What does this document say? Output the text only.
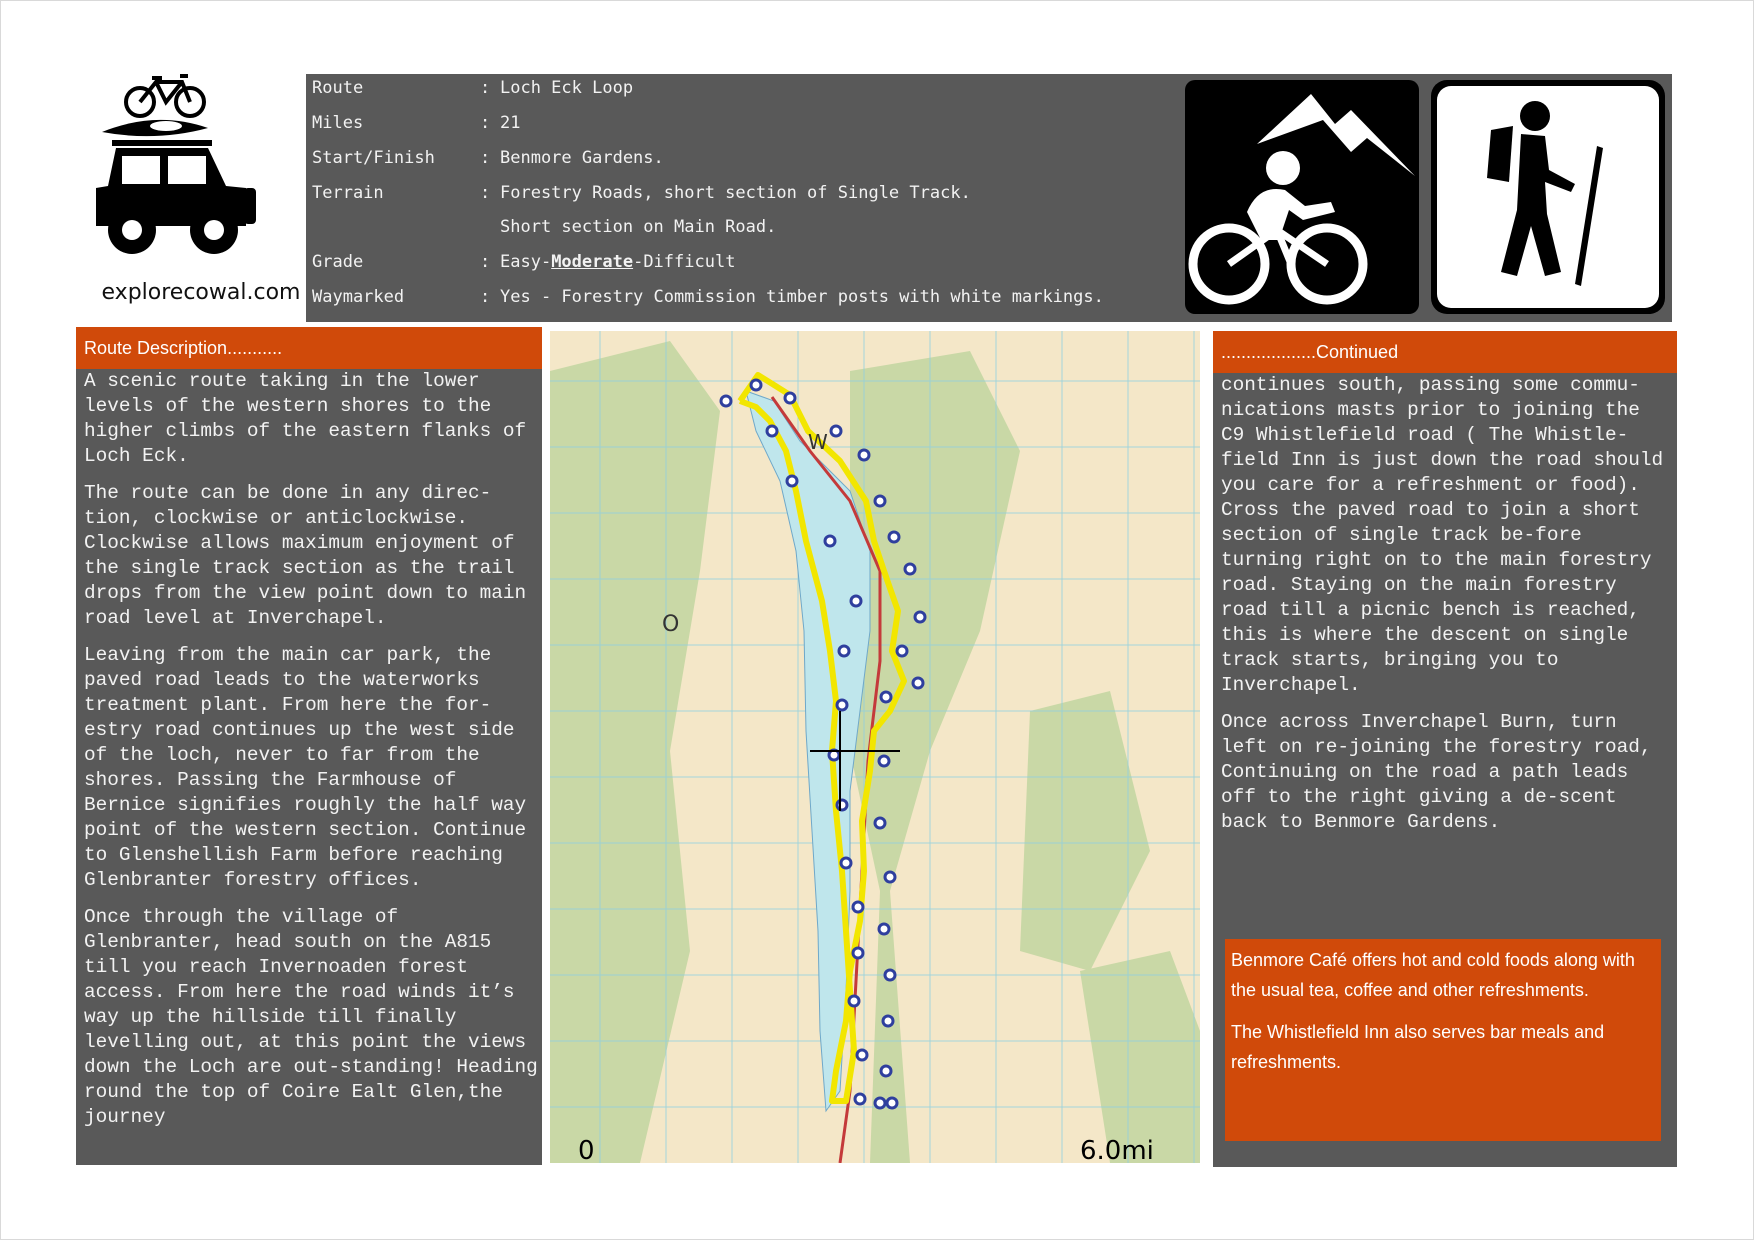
explorecowal.com
Route	: Loch Eck Loop
Miles	: 21
Start/Finish	: Benmore Gardens.
Terrain	: Forestry Roads, short section of Single Track.
Short section on Main Road.
Grade	: Easy-Moderate-Difficult
Waymarked	: Yes - Forestry Commission timber posts with white markings.
Route Description...........

A scenic route taking in the lower levels of the western shores to the higher climbs of the eastern flanks of Loch Eck.

The route can be done in any direc-tion, clockwise or anticlockwise. Clockwise allows maximum enjoyment of the single track section as the trail drops from the view point down to main road level at Inverchapel.

Leaving from the main car park, the paved road leads to the waterworks treatment plant. From here the for-estry road continues up the west side of the loch, never to far from the shores. Passing the Farmhouse of Bernice signifies roughly the half way point of the western section. Continue to Glenshellish Farm before reaching Glenbranter forestry offices.

Once through the village of Glenbranter, head south on the A815 till you reach Invernoaden forest access. From here the road winds it’s way up the hillside till finally levelling out, at this point the views down the Loch are out-standing! Heading round the top of Coire Ealt Glen,the journey

O
W
0	6.0mi
...................Continued

continues south, passing some commu-nications masts prior to joining the C9 Whistlefield road ( The Whistle-field Inn is just down the road should you care for a refreshment or food). Cross the paved road to join a short section of single track be-fore turning right on to the main forestry road. Staying on the main forestry road till a picnic bench is reached, this is where the descent on single track starts, bringing you to Inverchapel.

Once across Inverchapel Burn, turn left on re-joining the forestry road, Continuing on the road a path leads off to the right giving a de-scent back to Benmore Gardens.

Benmore Café offers hot and cold foods along with the usual tea, coffee and other refreshments.

The Whistlefield Inn also serves bar meals and refreshments.
